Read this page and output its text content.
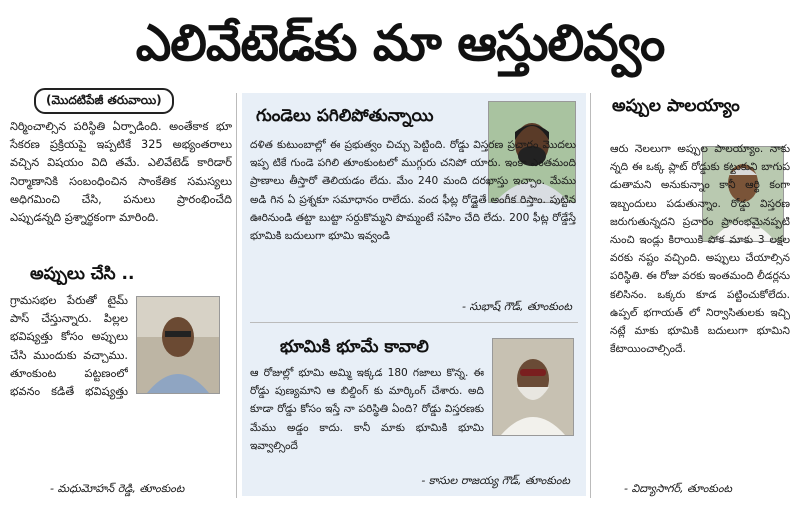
ఎలివేటెడ్‌కు మా ఆస్తులివ్వం
(మొదటిపేజీ తరువాయి)

నిర్మించాల్సిన పరిస్థితి ఏర్పాడింది. అంతేకాక భూ సేకరణ ప్రక్రియపై ఇప్పటికే 325 అభ్యంతరాలు వచ్చిన విషయం విది తమే. ఎలివేటెడ్ కారిడార్ నిర్మాణానికి సంబంధించిన సాంకేతిక సమస్యలు అధిగమించి చేసి, పనులు ప్రారంభించేది ఎప్పుడన్నది ప్రశ్నార్థకంగా మారింది.

అప్పులు చేసి ..

గ్రామసభల పేరుతో టైమ్ పాస్ చేస్తున్నారు. పిల్లల భవిష్యత్తు కోసం అప్పులు చేసి ముందుకు వచ్చాము. తూంకుంట పట్టణంలో భవనం కడితే భవిష్యత్తు

- మధుమోహన్ రెడ్డి, తూంకుంట
గుండెలు పగిలిపోతున్నాయి

దళిత కుటుంబాల్లో ఈ ప్రభుత్వం చిచ్చు పెట్టింది. రోడ్డు విస్తరణ ప్రచారం మొదలు ఇప్ప టికే గుండె పగిలి తూంకుంటలో ముగ్గురు చనిపో యారు. ఇంకా ఎంతమంది ప్రాణాలు తీస్తారో తెలియడం లేదు. మేం 240 మంది దరఖాస్తు ఇచ్చాం. మేము అడి గిన ఏ ప్రశ్నకూ సమాధానం రాలేదు. వంద ఫీట్ల రోడ్డైతే అంగీక రిస్తాం. పుట్టిన ఊరినుండి తట్టా బుట్టా సర్దుకొమ్మని పొమ్మంటే సహిం చేది లేదు. 200 ఫీట్ల రోడ్డేస్తే భూమికి బదులుగా భూమి ఇవ్వండి

- సుభాష్ గౌడ్, తూంకుంట
భూమికి భూమే కావాలి

ఆ రోజుల్లో భూమి అమ్మి ఇక్కడ 180 గజాలు కొన్న. ఈ రోడ్డు పుణ్యమాని ఆ బిల్డింగ్ కు మార్కింగ్ చేశారు. అది కూడా రోడ్డు కోసం ఇస్తే నా పరిస్థితి ఏంది? రోడ్డు విస్తరణకు మేము అడ్డం కాదు. కానీ మాకు భూమికి భూమి ఇవ్వాల్సిందే

- కాసుల రాజయ్య గౌడ్, తూంకుంట
అప్పుల పాలయ్యాం

ఆరు నెలలుగా అప్పుల పాలయ్యాం. నాకు న్నది ఈ ఒక్క ప్లాట్ రోడ్డుకు కట్టుకుని బాగుప డుతామని అనుకున్నాం కానీ ఆర్థి కంగా ఇబ్బందులు పడుతున్నాం. రోడ్డు విస్తరణ జరుగుతున్నదని ప్రచారం ప్రారంభమైనప్పటి నుంచి ఇండ్లు కిరాయికి పోక మాకు 3 లక్షల వరకు నష్టం వచ్చింది. అప్పులు చేయాల్సిన పరిస్థితి. ఈ రోజు వరకు ఇంతమంది లీడర్లను కలిసినం. ఒక్కరు కూడ పట్టించుకోలేదు. ఉప్పల్ భగాయత్ లో నిర్వాసితులకు ఇచ్చి నట్లే మాకు భూమికి బదులుగా భూమిని కేటాయించాల్సిందే.

- విద్యాసాగర్, తూంకుంట
